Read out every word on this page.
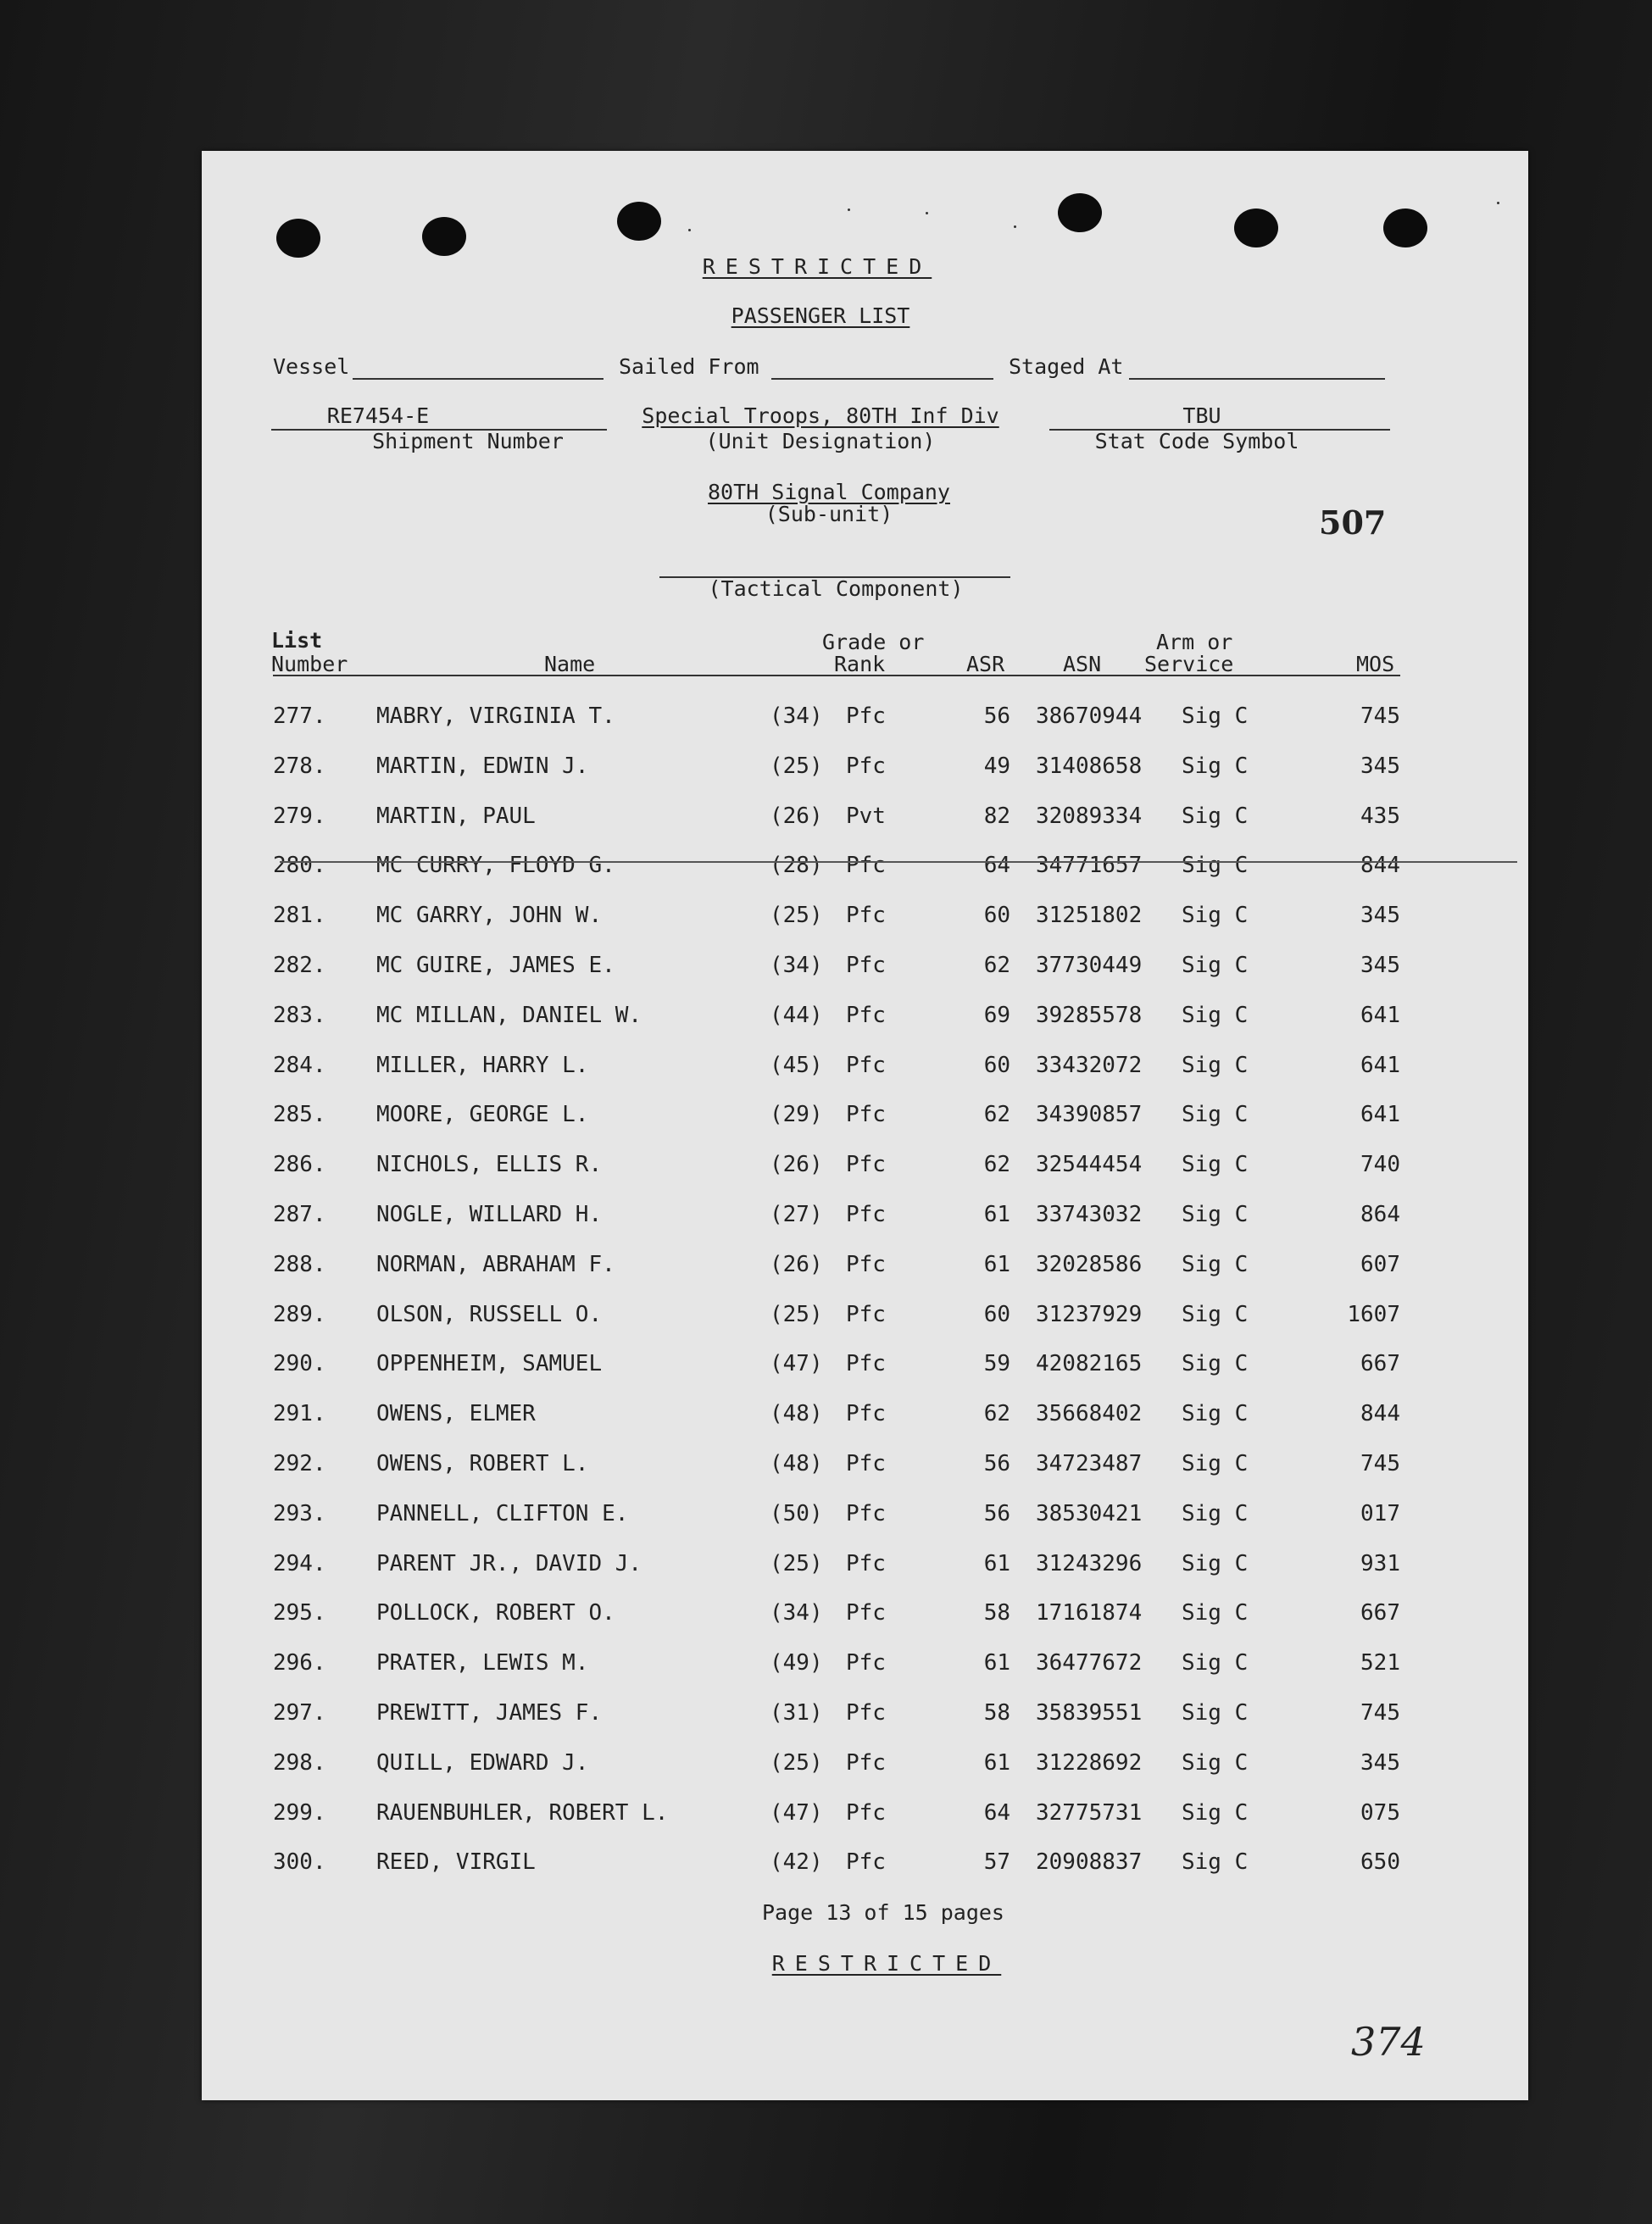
RESTRICTED
PASSENGER LIST
Vessel	Sailed From	Staged At
RE7454-E
Shipment Number
Special Troops, 80TH Inf Div
(Unit Designation)
TBU
Stat Code Symbol
80TH Signal Company
(Sub-unit)	507
(Tactical Component)
List
Number	Name
Grade or
Rank	ASR	ASN
Arm or
Service	MOS
277. MABRY, VIRGINIA T.	(34) Pfc	56 38670944 Sig C	745
278. MARTIN, EDWIN J.	(25) Pfc	49 31408658 Sig C	345
279. MARTIN, PAUL	(26) Pvt	82 32089334 Sig C	435
280. MC CURRY, FLOYD G.	(28) Pfc	64 34771657 Sig C	844
281. MC GARRY, JOHN W.	(25) Pfc	60 31251802 Sig C	345
282. MC GUIRE, JAMES E.	(34) Pfc	62 37730449 Sig C	345
283. MC MILLAN, DANIEL W.	(44) Pfc	69 39285578 Sig C	641
284. MILLER, HARRY L.	(45) Pfc	60 33432072 Sig C	641
285. MOORE, GEORGE L.	(29) Pfc	62 34390857 Sig C	641
286. NICHOLS, ELLIS R.	(26) Pfc	62 32544454 Sig C	740
287. NOGLE, WILLARD H.	(27) Pfc	61 33743032 Sig C	864
288. NORMAN, ABRAHAM F.	(26) Pfc	61 32028586 Sig C	607
289. OLSON, RUSSELL O.	(25) Pfc	60 31237929 Sig C	1607
290. OPPENHEIM, SAMUEL	(47) Pfc	59 42082165 Sig C	667
291. OWENS, ELMER	(48) Pfc	62 35668402 Sig C	844
292. OWENS, ROBERT L.	(48) Pfc	56 34723487 Sig C	745
293. PANNELL, CLIFTON E.	(50) Pfc	56 38530421 Sig C	017
294. PARENT JR., DAVID J.	(25) Pfc	61 31243296 Sig C	931
295. POLLOCK, ROBERT O.	(34) Pfc	58 17161874 Sig C	667
296. PRATER, LEWIS M.	(49) Pfc	61 36477672 Sig C	521
297. PREWITT, JAMES F.	(31) Pfc	58 35839551 Sig C	745
298. QUILL, EDWARD J.	(25) Pfc	61 31228692 Sig C	345
299. RAUENBUHLER, ROBERT L.	(47) Pfc	64 32775731 Sig C	075
300. REED, VIRGIL	(42) Pfc	57 20908837 Sig C	650
Page 13 of 15 pages
RESTRICTED
374
